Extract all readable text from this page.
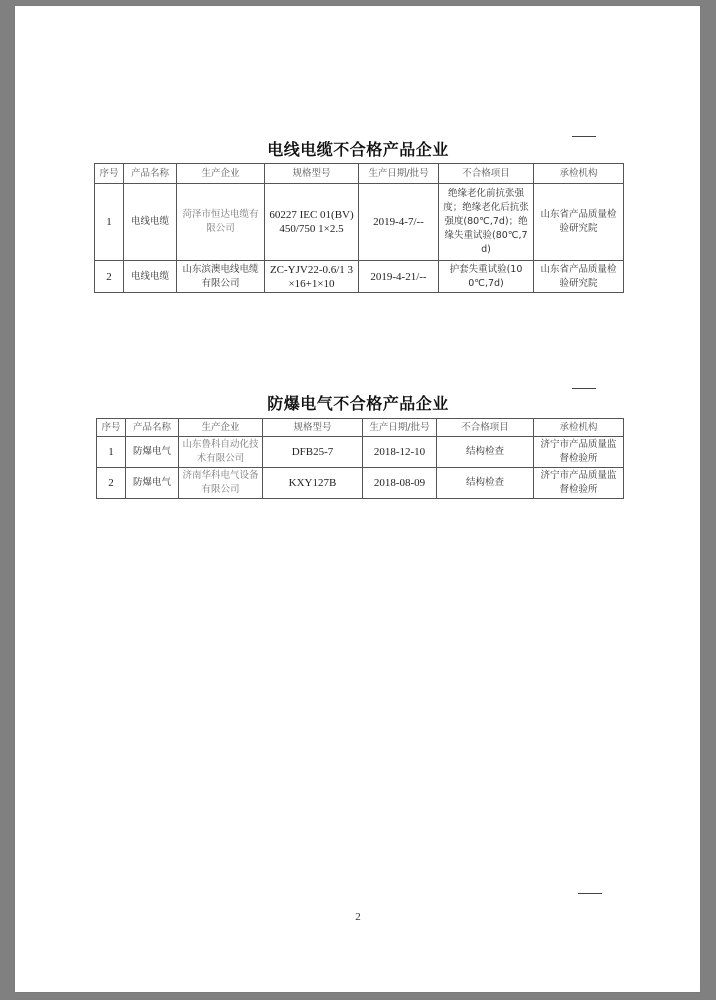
电线电缆不合格产品企业
序号	产品名称	生产企业	规格型号	生产日期/批号	不合格项目	承检机构
1	电线电缆	菏泽市恒达电缆有限公司	60227 IEC 01(BV) 450/750 1×2.5	2019-4-7/--	绝缘老化前抗张强度；绝缘老化后抗张强度(80℃,7d)；绝缘失重试验(80℃,7d)	山东省产品质量检验研究院
2	电线电缆	山东滨澳电线电缆有限公司	ZC-YJV22-0.6/1 3×16+1×10	2019-4-21/--	护套失重试验(100℃,7d)	山东省产品质量检验研究院
防爆电气不合格产品企业
序号	产品名称	生产企业	规格型号	生产日期/批号	不合格项目	承检机构
1	防爆电气	山东鲁科自动化技术有限公司	DFB25-7	2018-12-10	结构检查	济宁市产品质量监督检验所
2	防爆电气	济南华科电气设备有限公司	KXY127B	2018-08-09	结构检查	济宁市产品质量监督检验所
2
